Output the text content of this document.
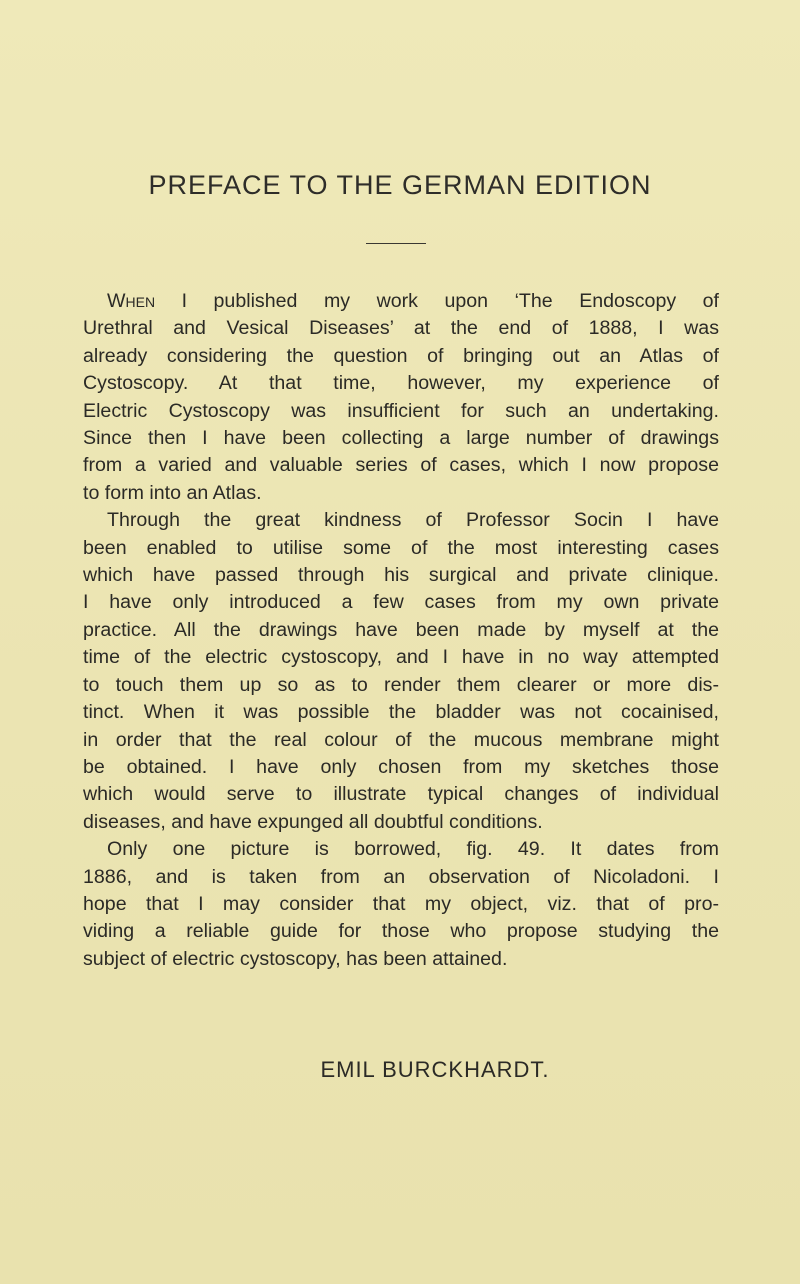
PREFACE TO THE GERMAN EDITION
When I published my work upon ‘The Endoscopy of
Urethral and Vesical Diseases’ at the end of 1888, I was
already considering the question of bringing out an Atlas of
Cystoscopy. At that time, however, my experience of
Electric Cystoscopy was insufficient for such an undertaking.
Since then I have been collecting a large number of drawings
from a varied and valuable series of cases, which I now propose
to form into an Atlas.
Through the great kindness of Professor Socin I have
been enabled to utilise some of the most interesting cases
which have passed through his surgical and private clinique.
I have only introduced a few cases from my own private
practice. All the drawings have been made by myself at the
time of the electric cystoscopy, and I have in no way attempted
to touch them up so as to render them clearer or more dis-
tinct. When it was possible the bladder was not cocainised,
in order that the real colour of the mucous membrane might
be obtained. I have only chosen from my sketches those
which would serve to illustrate typical changes of individual
diseases, and have expunged all doubtful conditions.
Only one picture is borrowed, fig. 49. It dates from
1886, and is taken from an observation of Nicoladoni. I
hope that I may consider that my object, viz. that of pro-
viding a reliable guide for those who propose studying the
subject of electric cystoscopy, has been attained.
EMIL BURCKHARDT.
